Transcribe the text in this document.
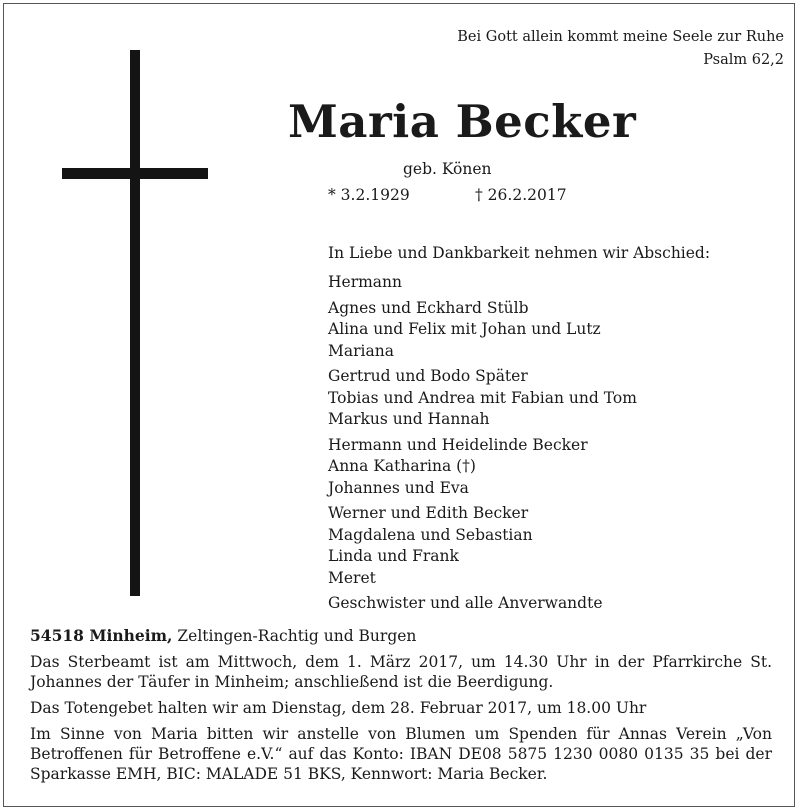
Bei Gott allein kommt meine Seele zur Ruhe
Psalm 62,2
Maria Becker
geb. Könen
* 3.2.1929	† 26.2.2017
In Liebe und Dankbarkeit nehmen wir Abschied:
Hermann
Agnes und Eckhard Stülb
Alina und Felix mit Johan und Lutz
Mariana
Gertrud und Bodo Später
Tobias und Andrea mit Fabian und Tom
Markus und Hannah
Hermann und Heidelinde Becker
Anna Katharina (†)
Johannes und Eva
Werner und Edith Becker
Magdalena und Sebastian
Linda und Frank
Meret
Geschwister und alle Anverwandte

54518 Minheim, Zeltingen-Rachtig und Burgen

Das Sterbeamt ist am Mittwoch, dem 1. März 2017, um 14.30 Uhr in der Pfarrkirche St. Johannes der Täufer in Minheim; anschließend ist die Beerdigung.

Das Totengebet halten wir am Dienstag, dem 28. Februar 2017, um 18.00 Uhr

Im Sinne von Maria bitten wir anstelle von Blumen um Spenden für Annas Verein „Von Betroffenen für Betroffene e.V.“ auf das Konto: IBAN DE08 5875 1230 0080 0135 35 bei der Sparkasse EMH, BIC: MALADE 51 BKS, Kennwort: Maria Becker.
